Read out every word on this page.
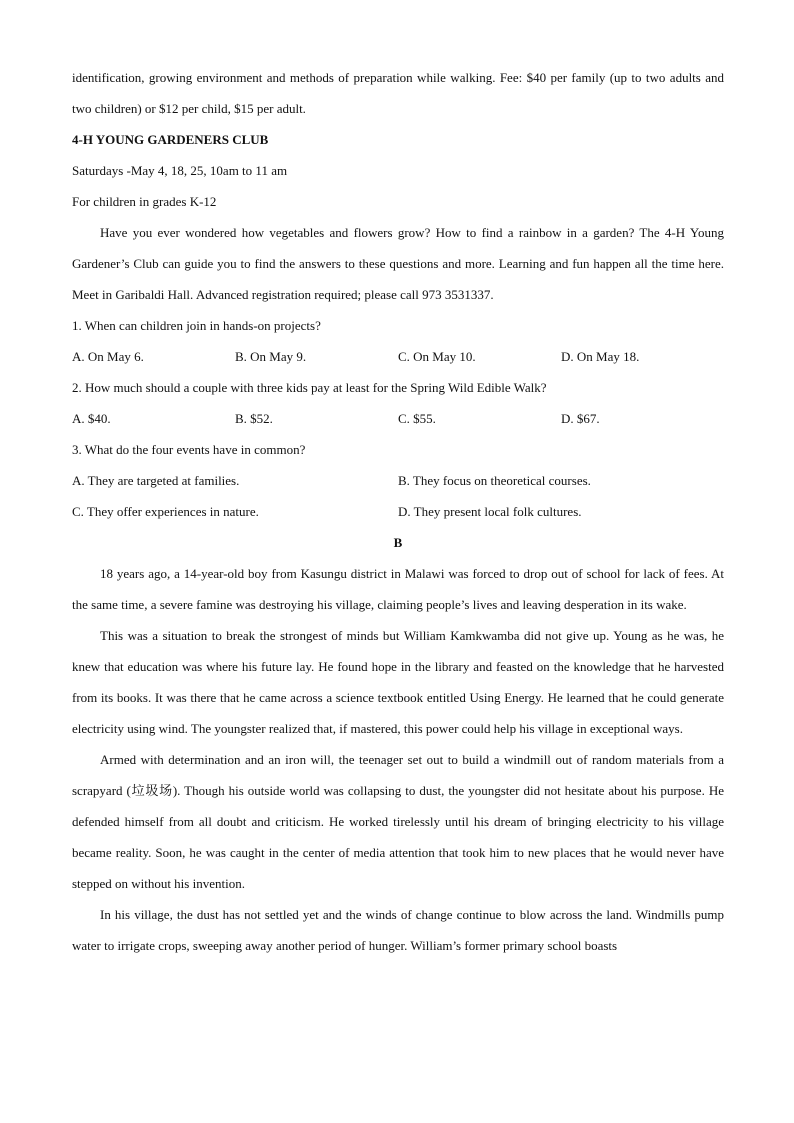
identification, growing environment and methods of preparation while walking. Fee: $40 per family (up to two adults and two children) or $12 per child, $15 per adult.
4-H YOUNG GARDENERS CLUB
Saturdays -May 4, 18, 25, 10am to 11 am
For children in grades K-12
Have you ever wondered how vegetables and flowers grow? How to find a rainbow in a garden? The 4-H Young Gardener’s Club can guide you to find the answers to these questions and more. Learning and fun happen all the time here. Meet in Garibaldi Hall. Advanced registration required; please call 973 3531337.
1. When can children join in hands-on projects?
A. On May 6.	B. On May 9.	C. On May 10.	D. On May 18.
2. How much should a couple with three kids pay at least for the Spring Wild Edible Walk?
A. $40.	B. $52.	C. $55.	D. $67.
3. What do the four events have in common?
A. They are targeted at families.	B. They focus on theoretical courses.
C. They offer experiences in nature.	D. They present local folk cultures.
B
18 years ago, a 14-year-old boy from Kasungu district in Malawi was forced to drop out of school for lack of fees. At the same time, a severe famine was destroying his village, claiming people’s lives and leaving desperation in its wake.
This was a situation to break the strongest of minds but William Kamkwamba did not give up. Young as he was, he knew that education was where his future lay. He found hope in the library and feasted on the knowledge that he harvested from its books. It was there that he came across a science textbook entitled Using Energy. He learned that he could generate electricity using wind. The youngster realized that, if mastered, this power could help his village in exceptional ways.
Armed with determination and an iron will, the teenager set out to build a windmill out of random materials from a scrapyard (垃圾场). Though his outside world was collapsing to dust, the youngster did not hesitate about his purpose. He defended himself from all doubt and criticism. He worked tirelessly until his dream of bringing electricity to his village became reality. Soon, he was caught in the center of media attention that took him to new places that he would never have stepped on without his invention.
In his village, the dust has not settled yet and the winds of change continue to blow across the land. Windmills pump water to irrigate crops, sweeping away another period of hunger. William’s former primary school boasts
